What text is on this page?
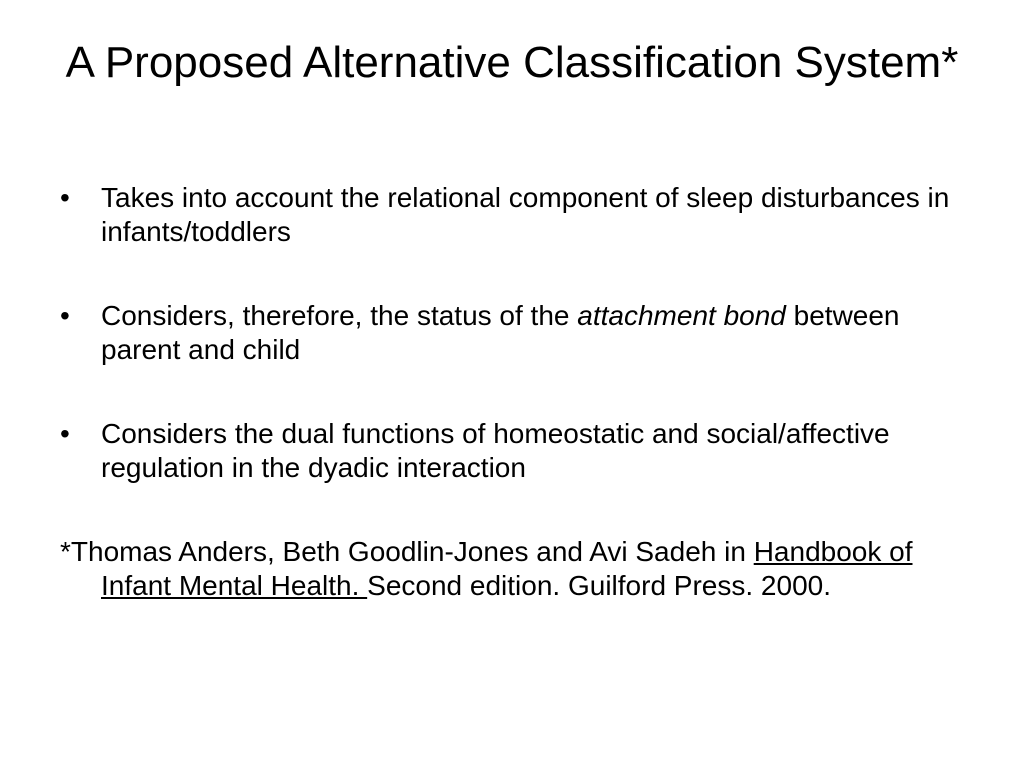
A Proposed Alternative Classification System*

•	Takes into account the relational component of sleep disturbances in infants/toddlers

•	Considers, therefore, the status of the attachment bond between parent and child

•	Considers the dual functions of homeostatic and social/affective regulation in the dyadic interaction

*Thomas Anders, Beth Goodlin-Jones and Avi Sadeh in Handbook of Infant Mental Health. Second edition. Guilford Press. 2000.
